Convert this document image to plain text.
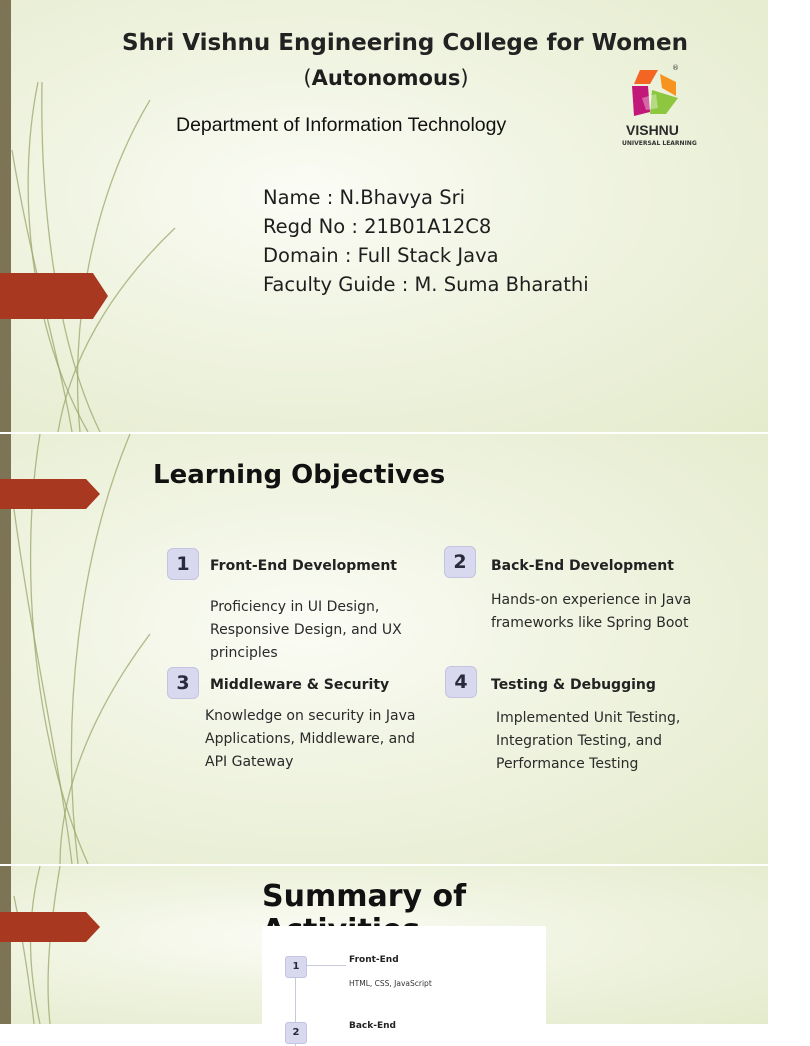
Shri Vishnu Engineering College for Women
(Autonomous)
Department of Information Technology
®
VISHNU
UNIVERSAL LEARNING
Name : N.Bhavya Sri
Regd No : 21B01A12C8
Domain : Full Stack Java
Faculty Guide : M. Suma Bharathi
Learning Objectives
1	Front-End Development
Proficiency in UI Design, Responsive Design, and UX principles
2	Back-End Development
Hands-on experience in Java frameworks like Spring Boot
3	Middleware & Security
Knowledge on security in Java Applications, Middleware, and API Gateway
4	Testing & Debugging
Implemented Unit Testing, Integration Testing, and Performance Testing
Summary of
1
Front-End
HTML, CSS, JavaScript
2
Back-End
